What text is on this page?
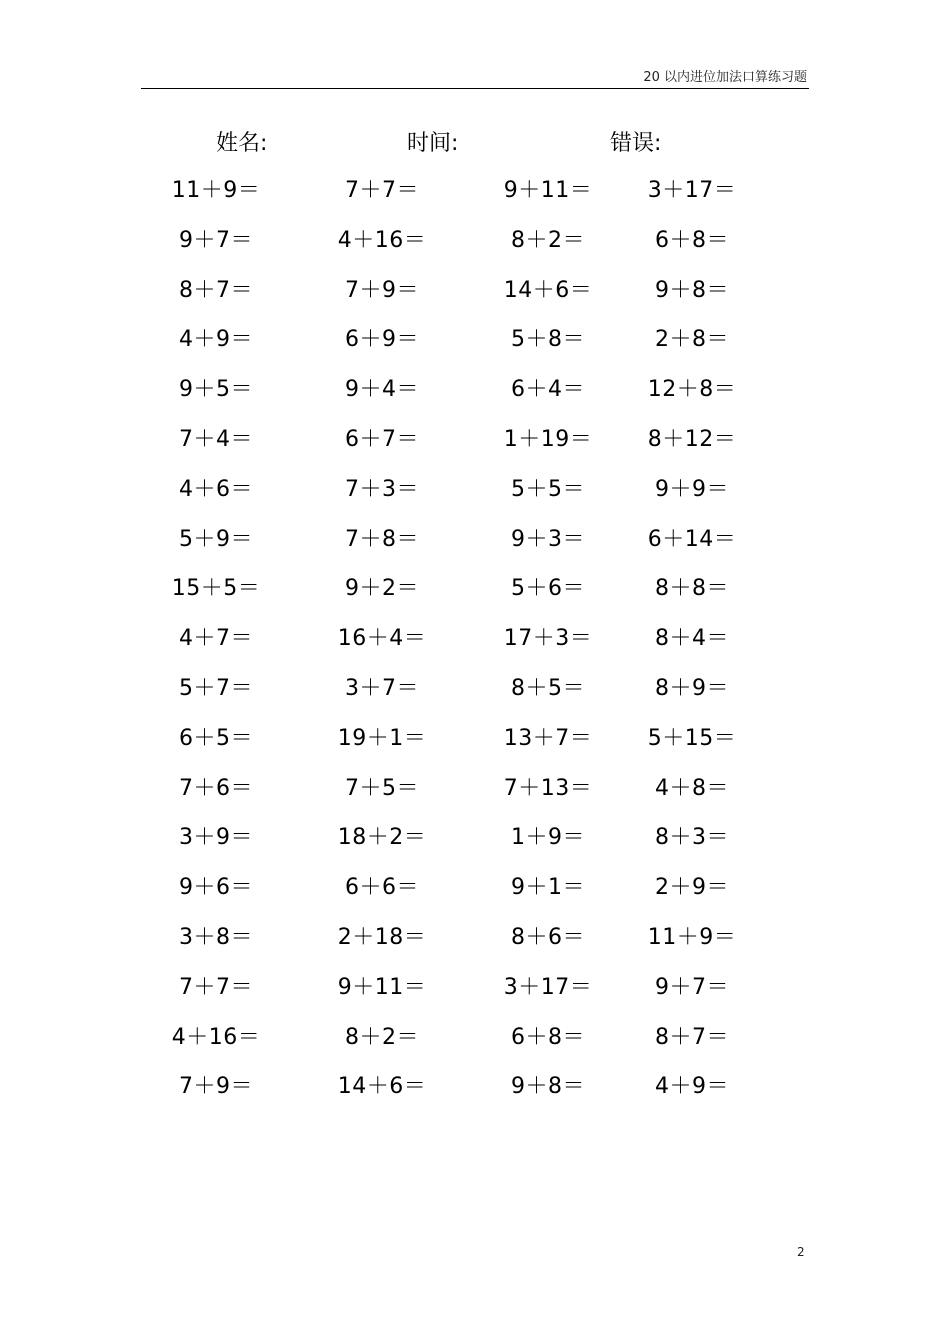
20 以内进位加法口算练习题
姓名:	时间:	错误:
11＋9＝	7＋7＝	9＋11＝	3＋17＝
9＋7＝	4＋16＝	8＋2＝	6＋8＝
8＋7＝	7＋9＝	14＋6＝	9＋8＝
4＋9＝	6＋9＝	5＋8＝	2＋8＝
9＋5＝	9＋4＝	6＋4＝	12＋8＝
7＋4＝	6＋7＝	1＋19＝	8＋12＝
4＋6＝	7＋3＝	5＋5＝	9＋9＝
5＋9＝	7＋8＝	9＋3＝	6＋14＝
15＋5＝	9＋2＝	5＋6＝	8＋8＝
4＋7＝	16＋4＝	17＋3＝	8＋4＝
5＋7＝	3＋7＝	8＋5＝	8＋9＝
6＋5＝	19＋1＝	13＋7＝	5＋15＝
7＋6＝	7＋5＝	7＋13＝	4＋8＝
3＋9＝	18＋2＝	1＋9＝	8＋3＝
9＋6＝	6＋6＝	9＋1＝	2＋9＝
3＋8＝	2＋18＝	8＋6＝	11＋9＝
7＋7＝	9＋11＝	3＋17＝	9＋7＝
4＋16＝	8＋2＝	6＋8＝	8＋7＝
7＋9＝	14＋6＝	9＋8＝	4＋9＝
2
